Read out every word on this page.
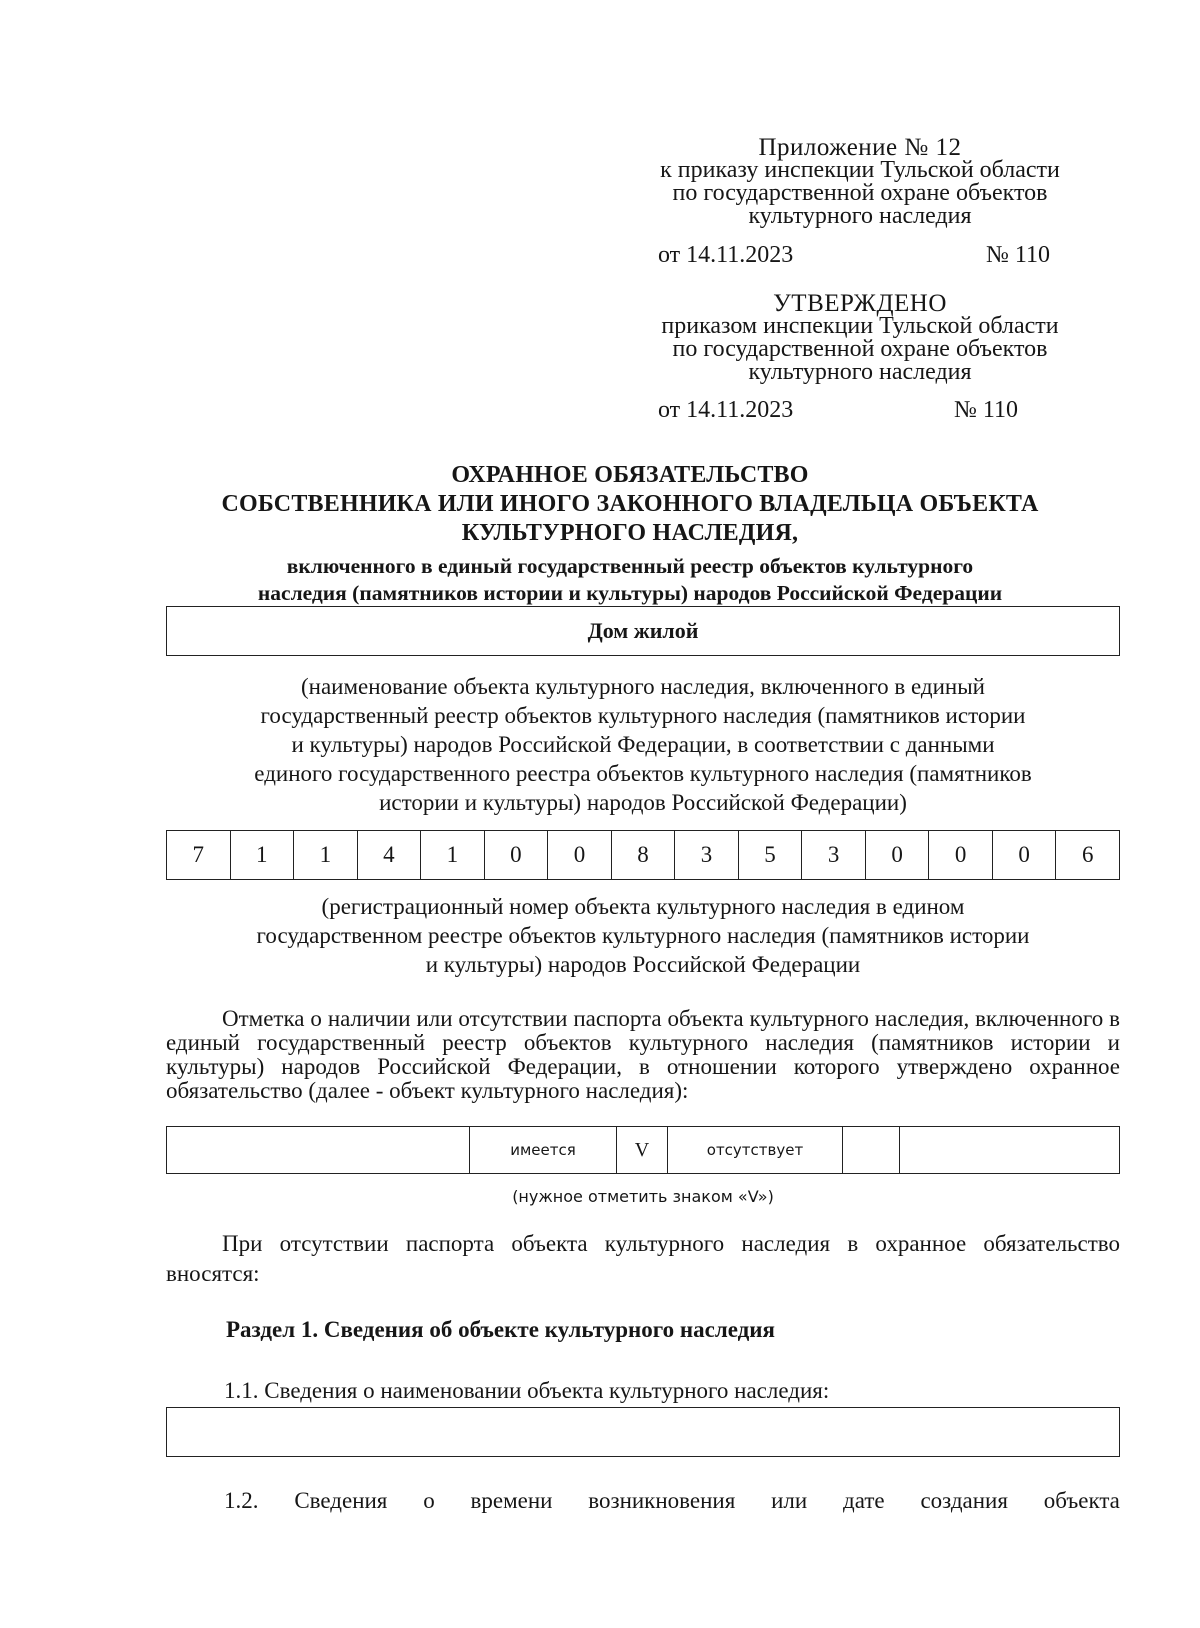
Приложение № 12
к приказу инспекции Тульской области
по государственной охране объектов
культурного наследия
от 14.11.2023	№ 110
УТВЕРЖДЕНО
приказом инспекции Тульской области
по государственной охране объектов
культурного наследия
от 14.11.2023	№ 110
ОХРАННОЕ ОБЯЗАТЕЛЬСТВО
СОБСТВЕННИКА ИЛИ ИНОГО ЗАКОННОГО ВЛАДЕЛЬЦА ОБЪЕКТА
КУЛЬТУРНОГО НАСЛЕДИЯ,
включенного в единый государственный реестр объектов культурного
наследия (памятников истории и культуры) народов Российской Федерации
Дом жилой
(наименование объекта культурного наследия, включенного в единый
государственный реестр объектов культурного наследия (памятников истории
и культуры) народов Российской Федерации, в соответствии с данными
единого государственного реестра объектов культурного наследия (памятников
истории и культуры) народов Российской Федерации)
7	1	1	4	1	0	0	8	3	5	3	0	0	0	6
(регистрационный номер объекта культурного наследия в едином
государственном реестре объектов культурного наследия (памятников истории
и культуры) народов Российской Федерации
Отметка о наличии или отсутствии паспорта объекта культурного наследия, включенного в единый государственный реестр объектов культурного наследия (памятников истории и культуры) народов Российской Федерации, в отношении которого утверждено охранное обязательство (далее - объект культурного наследия):
имеется	V	отсутствует
(нужное отметить знаком «V»)
При отсутствии паспорта объекта культурного наследия в охранное обязательство вносятся:
Раздел 1. Сведения об объекте культурного наследия
1.1. Сведения о наименовании объекта культурного наследия:
1.2. Сведения о времени возникновения или дате создания объекта
